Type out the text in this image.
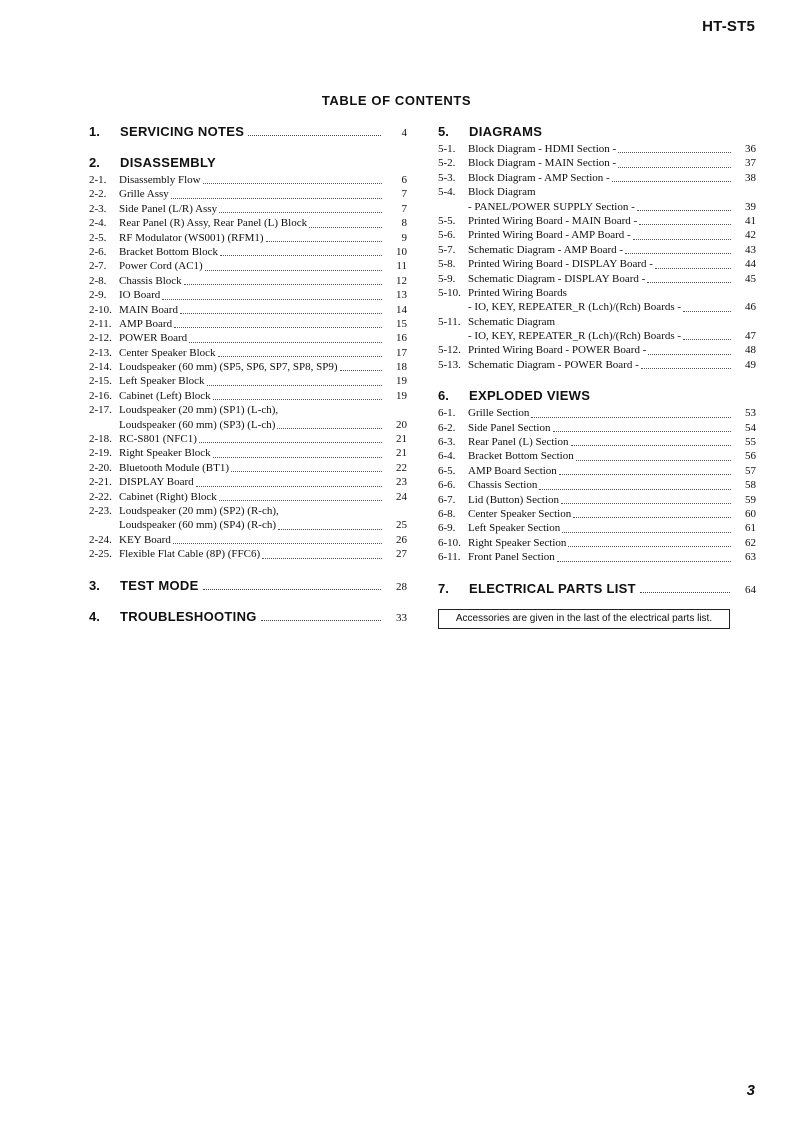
HT-ST5
TABLE OF CONTENTS
1.	SERVICING NOTES	4
2.	DISASSEMBLY
2-1.	Disassembly Flow	6
2-2.	Grille Assy	7
2-3.	Side Panel (L/R) Assy	7
2-4.	Rear Panel (R) Assy, Rear Panel (L) Block	8
2-5.	RF Modulator (WS001) (RFM1)	9
2-6.	Bracket Bottom Block	10
2-7.	Power Cord (AC1)	11
2-8.	Chassis Block	12
2-9.	IO Board	13
2-10. MAIN Board	14
2-11. AMP Board	15
2-12. POWER Board	16
2-13. Center Speaker Block	17
2-14. Loudspeaker (60 mm) (SP5, SP6, SP7, SP8, SP9)	18
2-15. Left Speaker Block	19
2-16. Cabinet (Left) Block	19
2-17. Loudspeaker (20 mm) (SP1) (L-ch),
Loudspeaker (60 mm) (SP3) (L-ch)	20
2-18. RC-S801 (NFC1)	21
2-19. Right Speaker Block	21
2-20. Bluetooth Module (BT1)	22
2-21. DISPLAY Board	23
2-22. Cabinet (Right) Block	24
2-23. Loudspeaker (20 mm) (SP2) (R-ch),
Loudspeaker (60 mm) (SP4) (R-ch)	25
2-24. KEY Board	26
2-25. Flexible Flat Cable (8P) (FFC6)	27
3.	TEST MODE	28
4.	TROUBLESHOOTING	33
5.	DIAGRAMS
5-1.	Block Diagram - HDMI Section -	36
5-2.	Block Diagram - MAIN Section -	37
5-3.	Block Diagram - AMP Section -	38
5-4.	Block Diagram
- PANEL/POWER SUPPLY Section -	39
5-5.	Printed Wiring Board - MAIN Board -	41
5-6.	Printed Wiring Board - AMP Board -	42
5-7.	Schematic Diagram - AMP Board -	43
5-8.	Printed Wiring Board - DISPLAY Board -	44
5-9.	Schematic Diagram - DISPLAY Board -	45
5-10. Printed Wiring Boards
- IO, KEY, REPEATER_R (Lch)/(Rch) Boards -	46
5-11. Schematic Diagram
- IO, KEY, REPEATER_R (Lch)/(Rch) Boards -	47
5-12. Printed Wiring Board - POWER Board -	48
5-13. Schematic Diagram - POWER Board -	49
6.	EXPLODED VIEWS
6-1.	Grille Section	53
6-2.	Side Panel Section	54
6-3.	Rear Panel (L) Section	55
6-4.	Bracket Bottom Section	56
6-5.	AMP Board Section	57
6-6.	Chassis Section	58
6-7.	Lid (Button) Section	59
6-8.	Center Speaker Section	60
6-9.	Left Speaker Section	61
6-10. Right Speaker Section	62
6-11. Front Panel Section	63
7.	ELECTRICAL PARTS LIST	64
Accessories are given in the last of the electrical parts list.
3
